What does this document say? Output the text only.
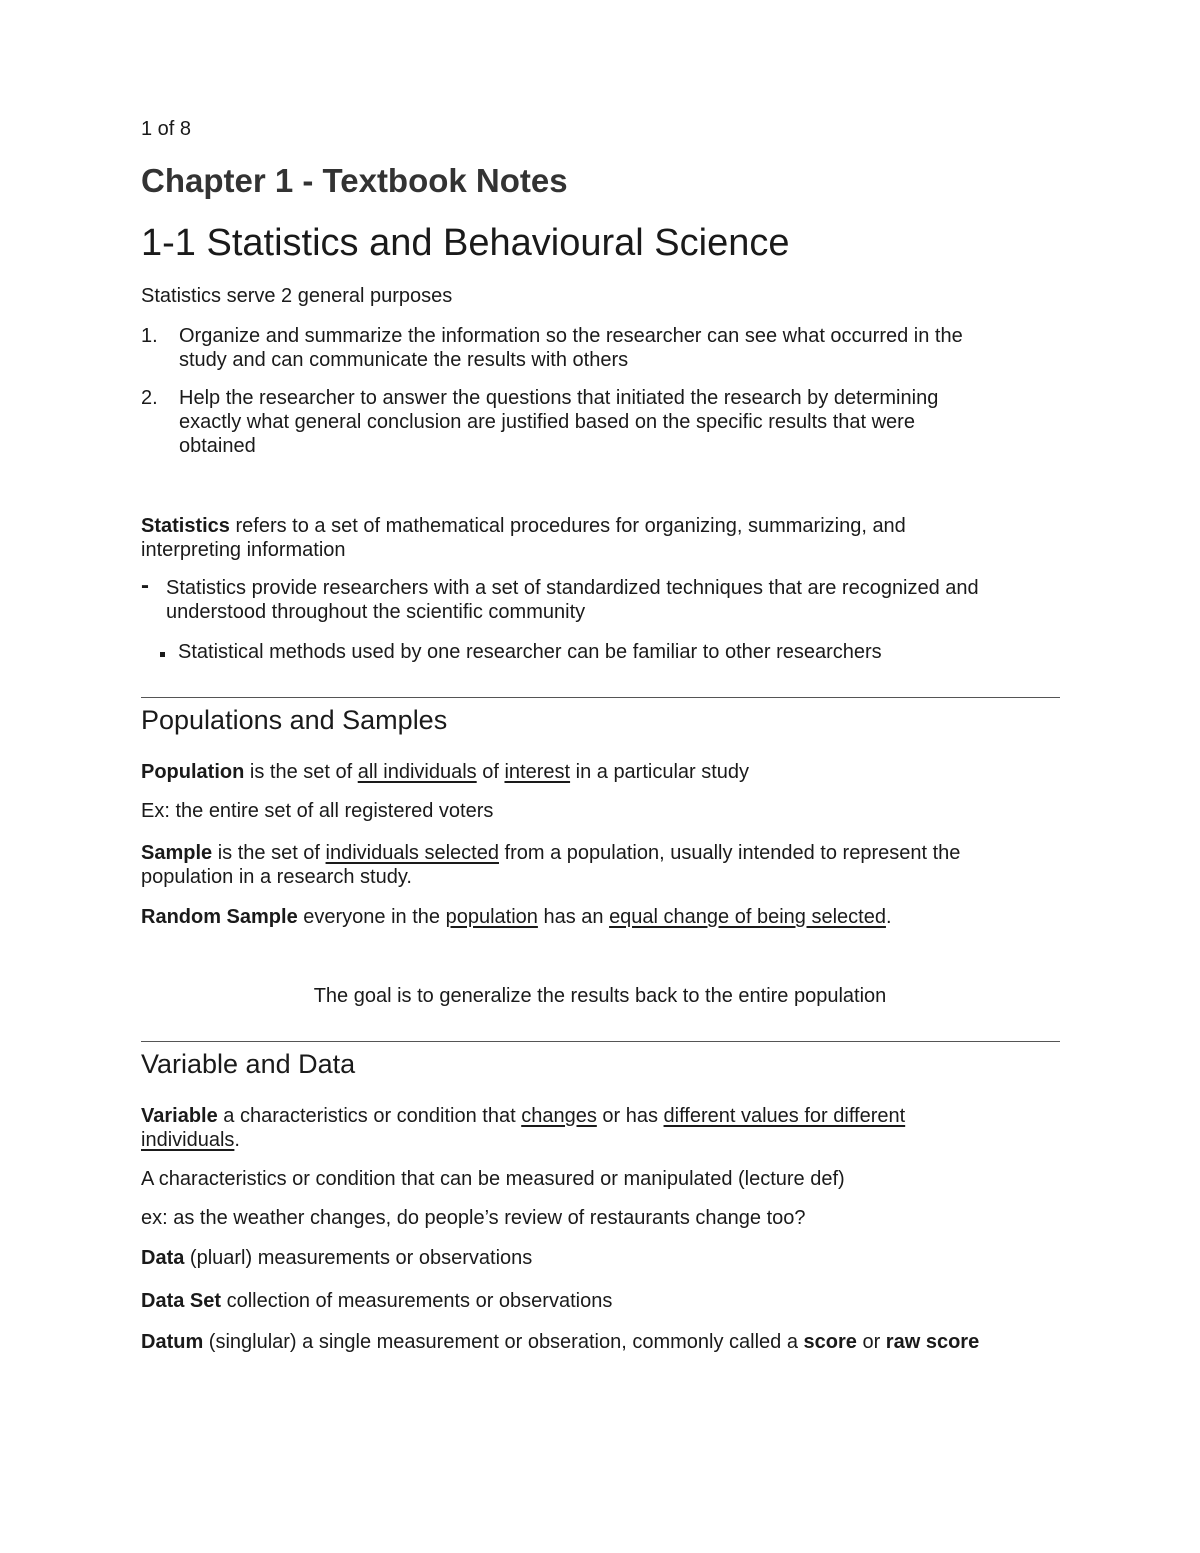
1 of 8
Chapter 1 - Textbook Notes
1-1 Statistics and Behavioural Science
Statistics serve 2 general purposes
1. Organize and summarize the information so the researcher can see what occurred in the
study and can communicate the results with others
2. Help the researcher to answer the questions that initiated the research by determining
exactly what general conclusion are justified based on the specific results that were
obtained
Statistics refers to a set of mathematical procedures for organizing, summarizing, and
interpreting information
- Statistics provide researchers with a set of standardized techniques that are recognized and
understood throughout the scientific community
Statistical methods used by one researcher can be familiar to other researchers
Populations and Samples
Population is the set of all individuals of interest in a particular study
Ex: the entire set of all registered voters
Sample is the set of individuals selected from a population, usually intended to represent the
population in a research study.
Random Sample everyone in the population has an equal change of being selected.
The goal is to generalize the results back to the entire population
Variable and Data
Variable a characteristics or condition that changes or has different values for different
individuals.
A characteristics or condition that can be measured or manipulated (lecture def)
ex: as the weather changes, do people’s review of restaurants change too?
Data (pluarl) measurements or observations
Data Set collection of measurements or observations
Datum (singlular) a single measurement or obseration, commonly called a score or raw score
